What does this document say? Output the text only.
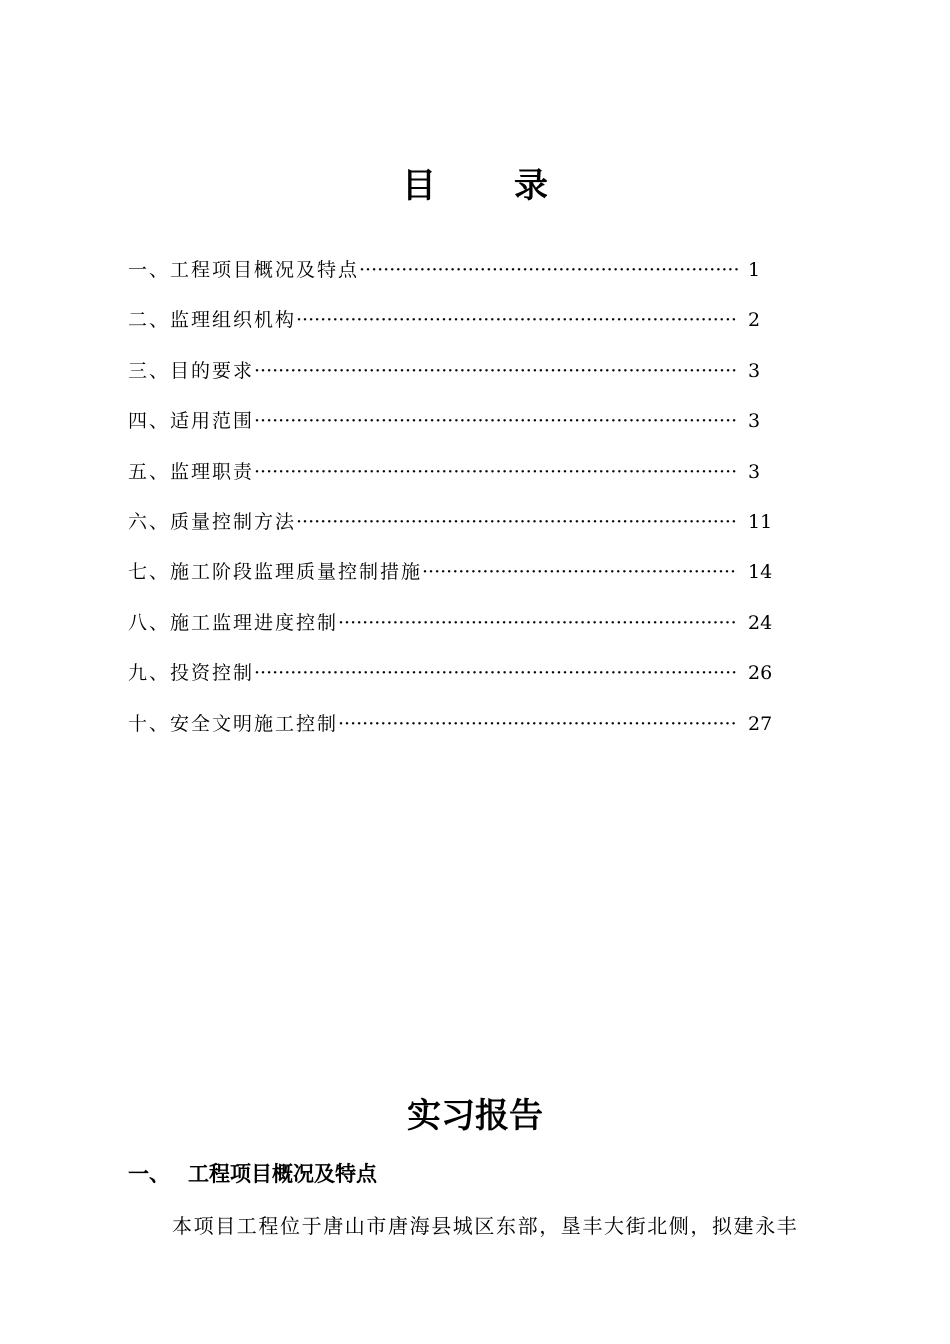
目 录
一、工程项目概况及特点 ·····	1
二、监理组织机构 ·····	2
三、目的要求 ·····	3
四、适用范围 ·····	3
五、监理职责 ·····	3
六、质量控制方法 ·····	11
七、施工阶段监理质量控制措施 ·····	14
八、施工监理进度控制 ·····	24
九、投资控制 ·····	26
十、安全文明施工控制 ·····	27
实习报告
一、 工程项目概况及特点

本项目工程位于唐山市唐海县城区东部，垦丰大街北侧，拟建永丰
